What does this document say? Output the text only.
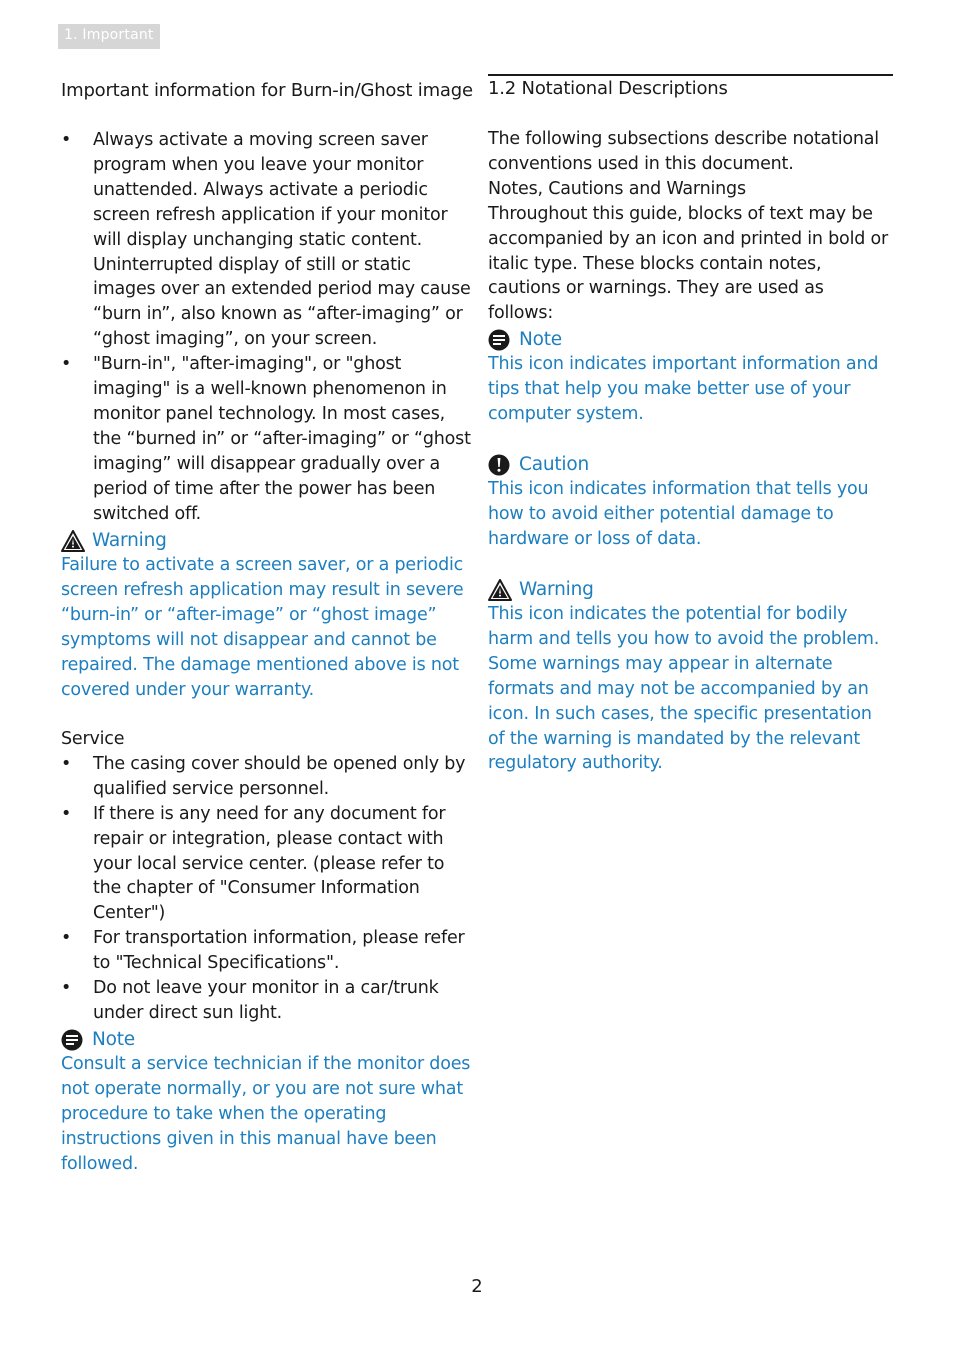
1. Important
Important information for Burn-in/Ghost image
• Always activate a moving screen saver program when you leave your monitor unattended. Always activate a periodic screen refresh application if your monitor will display unchanging static content. Uninterrupted display of still or static images over an extended period may cause “burn in”, also known as “after-imaging” or “ghost imaging”, on your screen.
• "Burn-in", "after-imaging", or "ghost imaging" is a well-known phenomenon in monitor panel technology. In most cases, the “burned in” or “after-imaging” or “ghost imaging” will disappear gradually over a period of time after the power has been switched off.
Warning
Failure to activate a screen saver, or a periodic screen refresh application may result in severe “burn-in” or “after-image” or “ghost image” symptoms will not disappear and cannot be repaired. The damage mentioned above is not covered under your warranty.
Service
• The casing cover should be opened only by qualified service personnel.
• If there is any need for any document for repair or integration, please contact with your local service center. (please refer to the chapter of "Consumer Information Center")
• For transportation information, please refer to "Technical Specifications".
• Do not leave your monitor in a car/trunk under direct sun light.
Note
Consult a service technician if the monitor does not operate normally, or you are not sure what procedure to take when the operating instructions given in this manual have been followed.
1.2 Notational Descriptions

The following subsections describe notational conventions used in this document.

Notes, Cautions and Warnings

Throughout this guide, blocks of text may be accompanied by an icon and printed in bold or italic type. These blocks contain notes, cautions or warnings. They are used as follows:

Note
This icon indicates important information and tips that help you make better use of your computer system.
Caution
This icon indicates information that tells you how to avoid either potential damage to hardware or loss of data.
Warning

This icon indicates the potential for bodily harm and tells you how to avoid the problem.

Some warnings may appear in alternate formats and may not be accompanied by an icon. In such cases, the specific presentation of the warning is mandated by the relevant regulatory authority.

2
